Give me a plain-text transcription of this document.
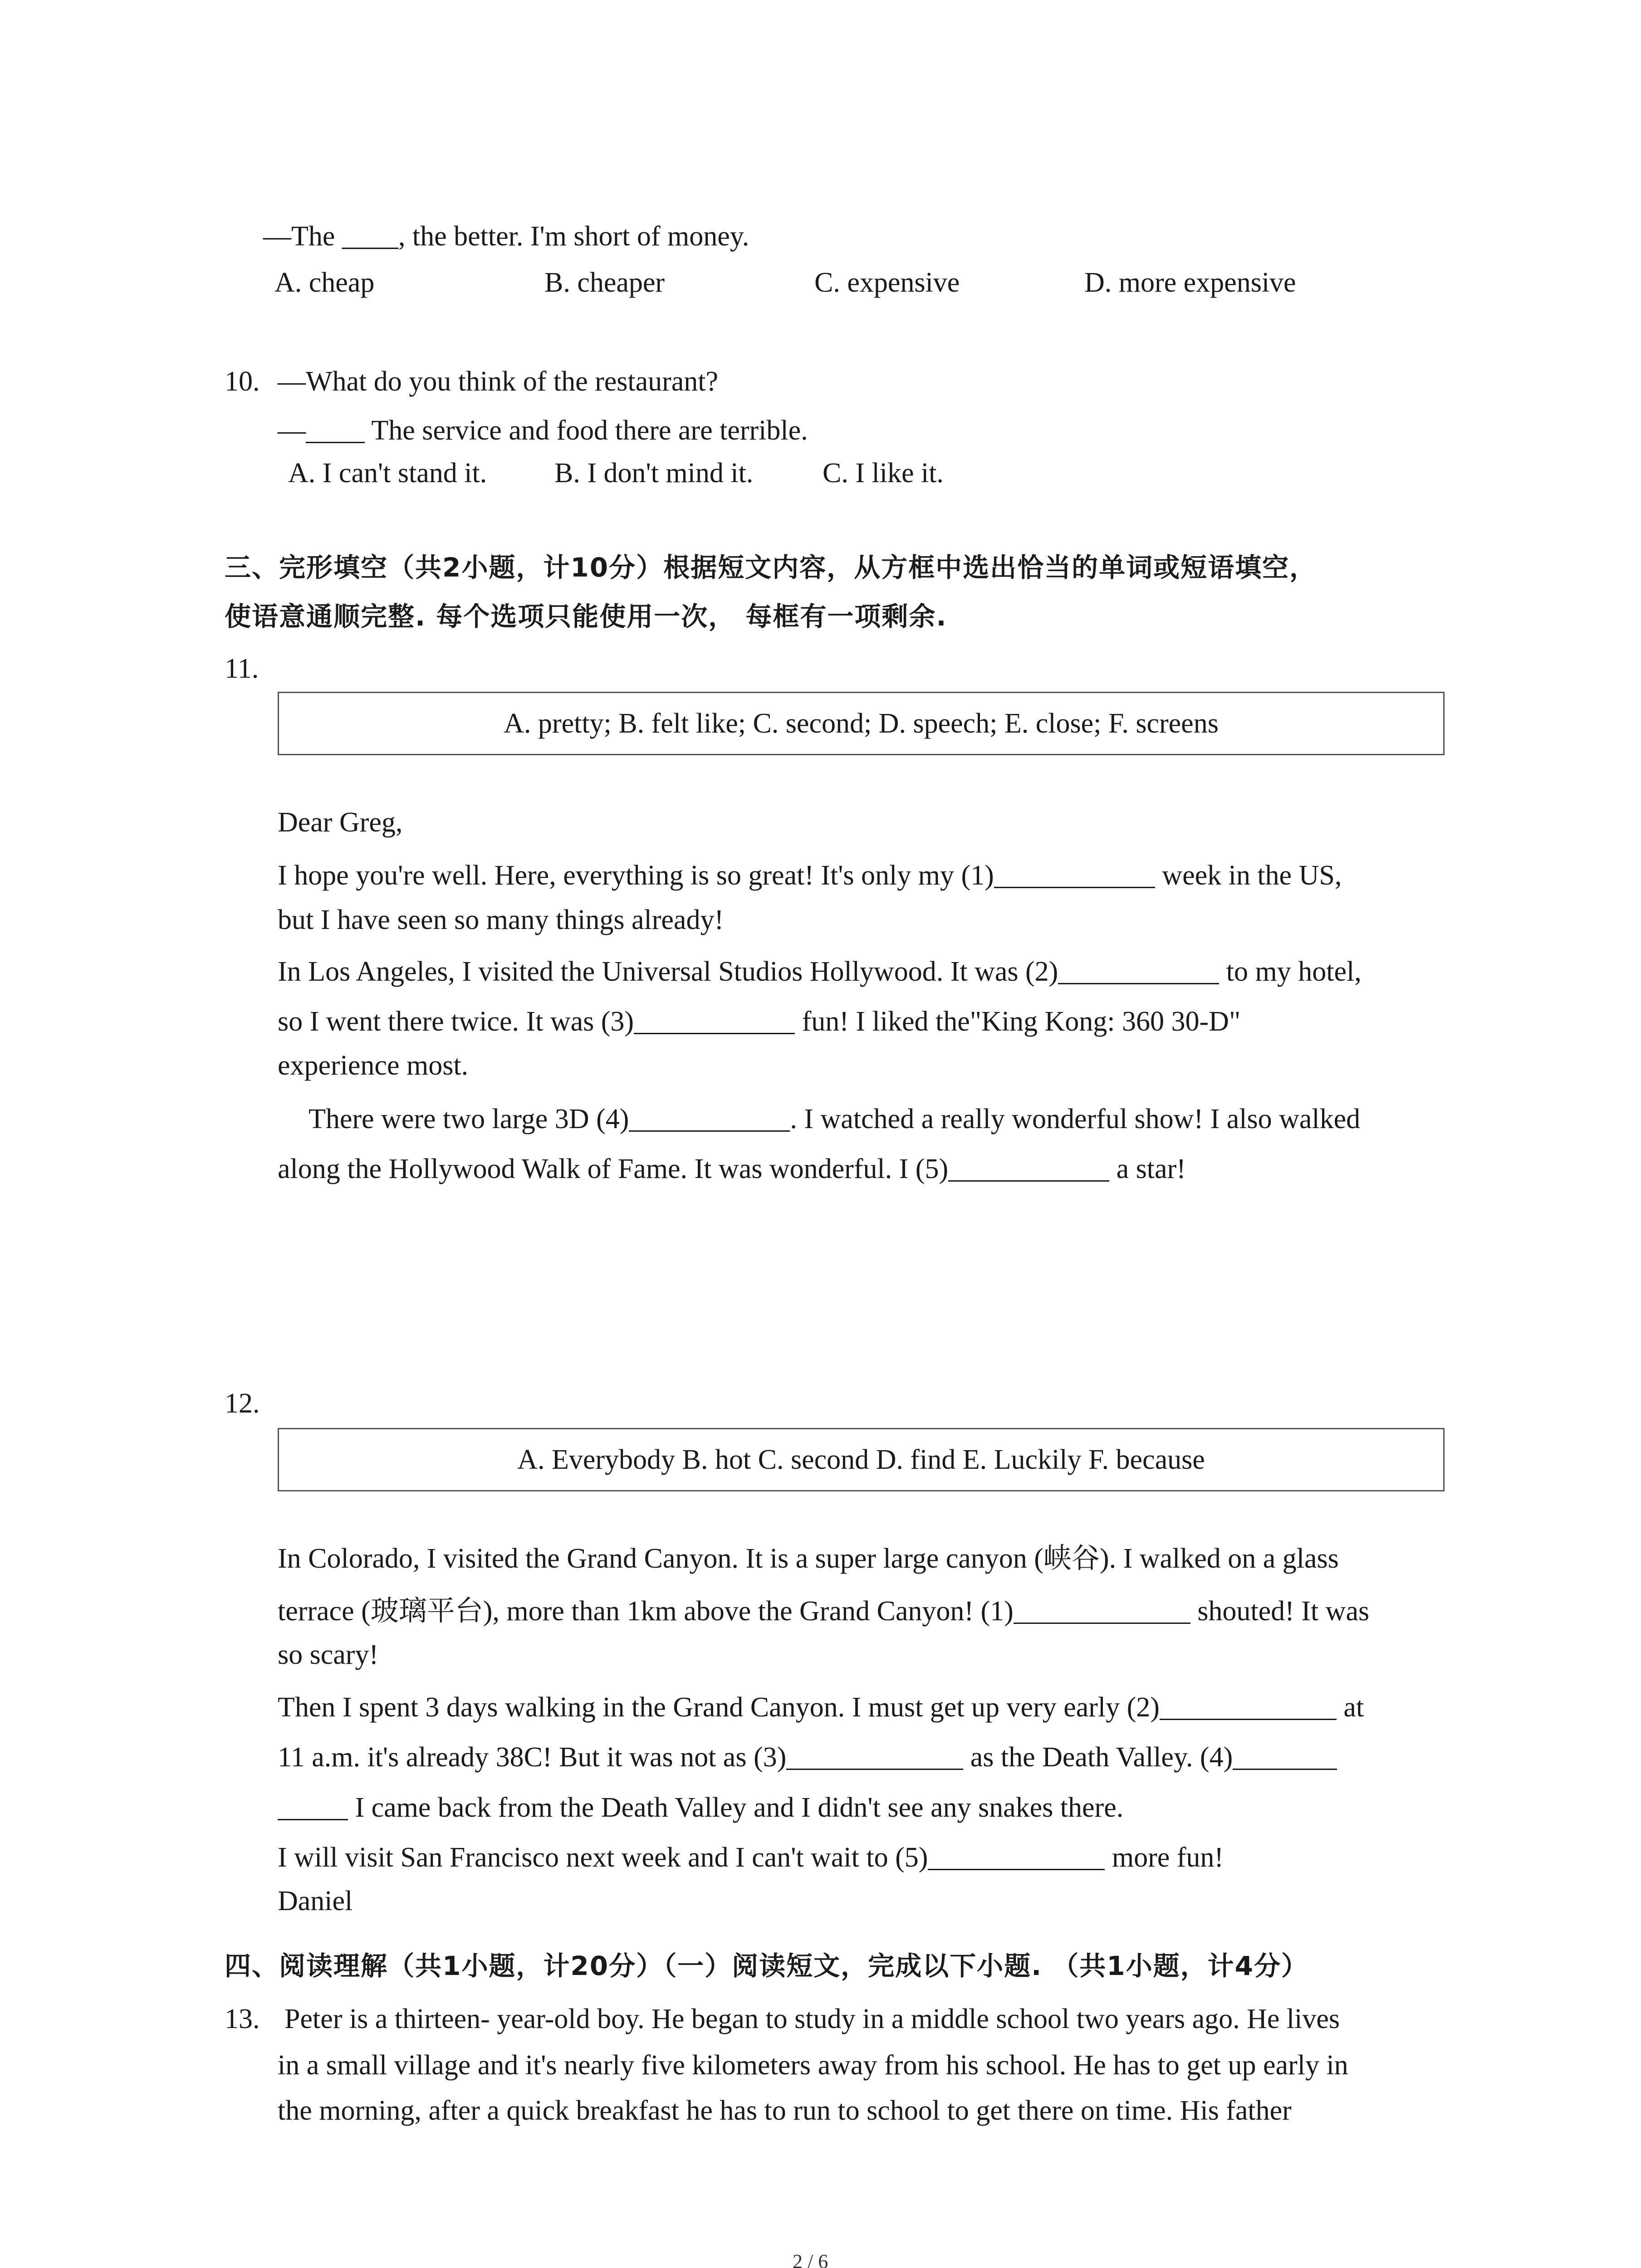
—The ____, the better. I'm short of money.
A. cheap	B. cheaper	C. expensive	D. more expensive
10. —What do you think of the restaurant?
— The service and food there are terrible.
A. I can't stand it. B. I don't mind it. C. I like it.
三、完形填空（共2小题，计10分）根据短文内容，从方框中选出恰当的单词或短语填空，
使语意通顺完整. 每个选项只能使用一次， 每框有一项剩余.
11.
A. pretty; B. felt like; C. second; D. speech; E. close; F. screens
Dear Greg,
I hope you're well. Here, everything is so great! It's only my (1)	week in the US,
but I have seen so many things already!
In Los Angeles, I visited the Universal Studios Hollywood. It was (2)	to my hotel,
so I went there twice. It was (3)	fun! I liked the"King Kong: 360 30-D"
experience most.
There were two large 3D (4)	. I watched a really wonderful show! I also walked
along the Hollywood Walk of Fame. It was wonderful. I (5)	a star!
12.
A. Everybody B. hot C. second D. find E. Luckily F. because
In Colorado, I visited the Grand Canyon. It is a super large canyon (峡谷). I walked on a glass
terrace (玻璃平台), more than 1km above the Grand Canyon! (1)	shouted! It was
so scary!
Then I spent 3 days walking in the Grand Canyon. I must get up very early (2)	at
11 a.m. it's already 38C! But it was not as (3)	as the Death Valley. (4)
I came back from the Death Valley and I didn't see any snakes there.
I will visit San Francisco next week and I can't wait to (5)	more fun!
Daniel
四、阅读理解（共1小题，计20分）（一）阅读短文，完成以下小题. （共1小题，计4分）
13. Peter is a thirteen- year-old boy. He began to study in a middle school two years ago. He lives
in a small village and it's nearly five kilometers away from his school. He has to get up early in
the morning, after a quick breakfast he has to run to school to get there on time. His father
2 / 6
